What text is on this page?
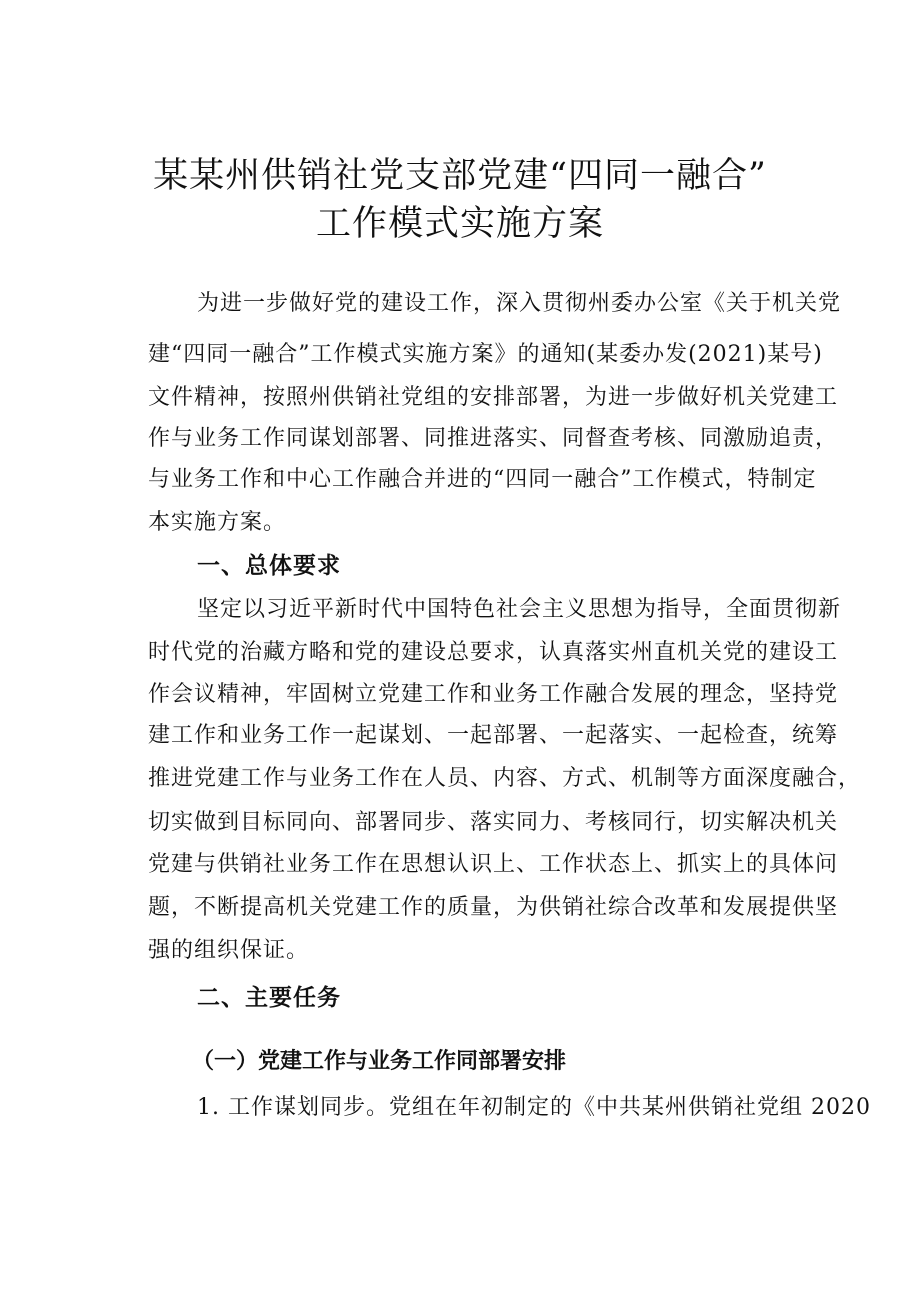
某某州供销社党支部党建“四同一融合”
工作模式实施方案
为进一步做好党的建设工作，深入贯彻州委办公室《关于机关党
建“四同一融合”工作模式实施方案》的通知(某委办发(2021)某号)
文件精神，按照州供销社党组的安排部署，为进一步做好机关党建工
作与业务工作同谋划部署、同推进落实、同督查考核、同激励追责，
与业务工作和中心工作融合并进的“四同一融合”工作模式，特制定
本实施方案。
一、总体要求
坚定以习近平新时代中国特色社会主义思想为指导，全面贯彻新
时代党的治藏方略和党的建设总要求，认真落实州直机关党的建设工
作会议精神，牢固树立党建工作和业务工作融合发展的理念，坚持党
建工作和业务工作一起谋划、一起部署、一起落实、一起检查，统筹
推进党建工作与业务工作在人员、内容、方式、机制等方面深度融合，
切实做到目标同向、部署同步、落实同力、考核同行，切实解决机关
党建与供销社业务工作在思想认识上、工作状态上、抓实上的具体问
题，不断提高机关党建工作的质量，为供销社综合改革和发展提供坚
强的组织保证。
二、主要任务
（一）党建工作与业务工作同部署安排
1. 工作谋划同步。党组在年初制定的《中共某州供销社党组 2020
